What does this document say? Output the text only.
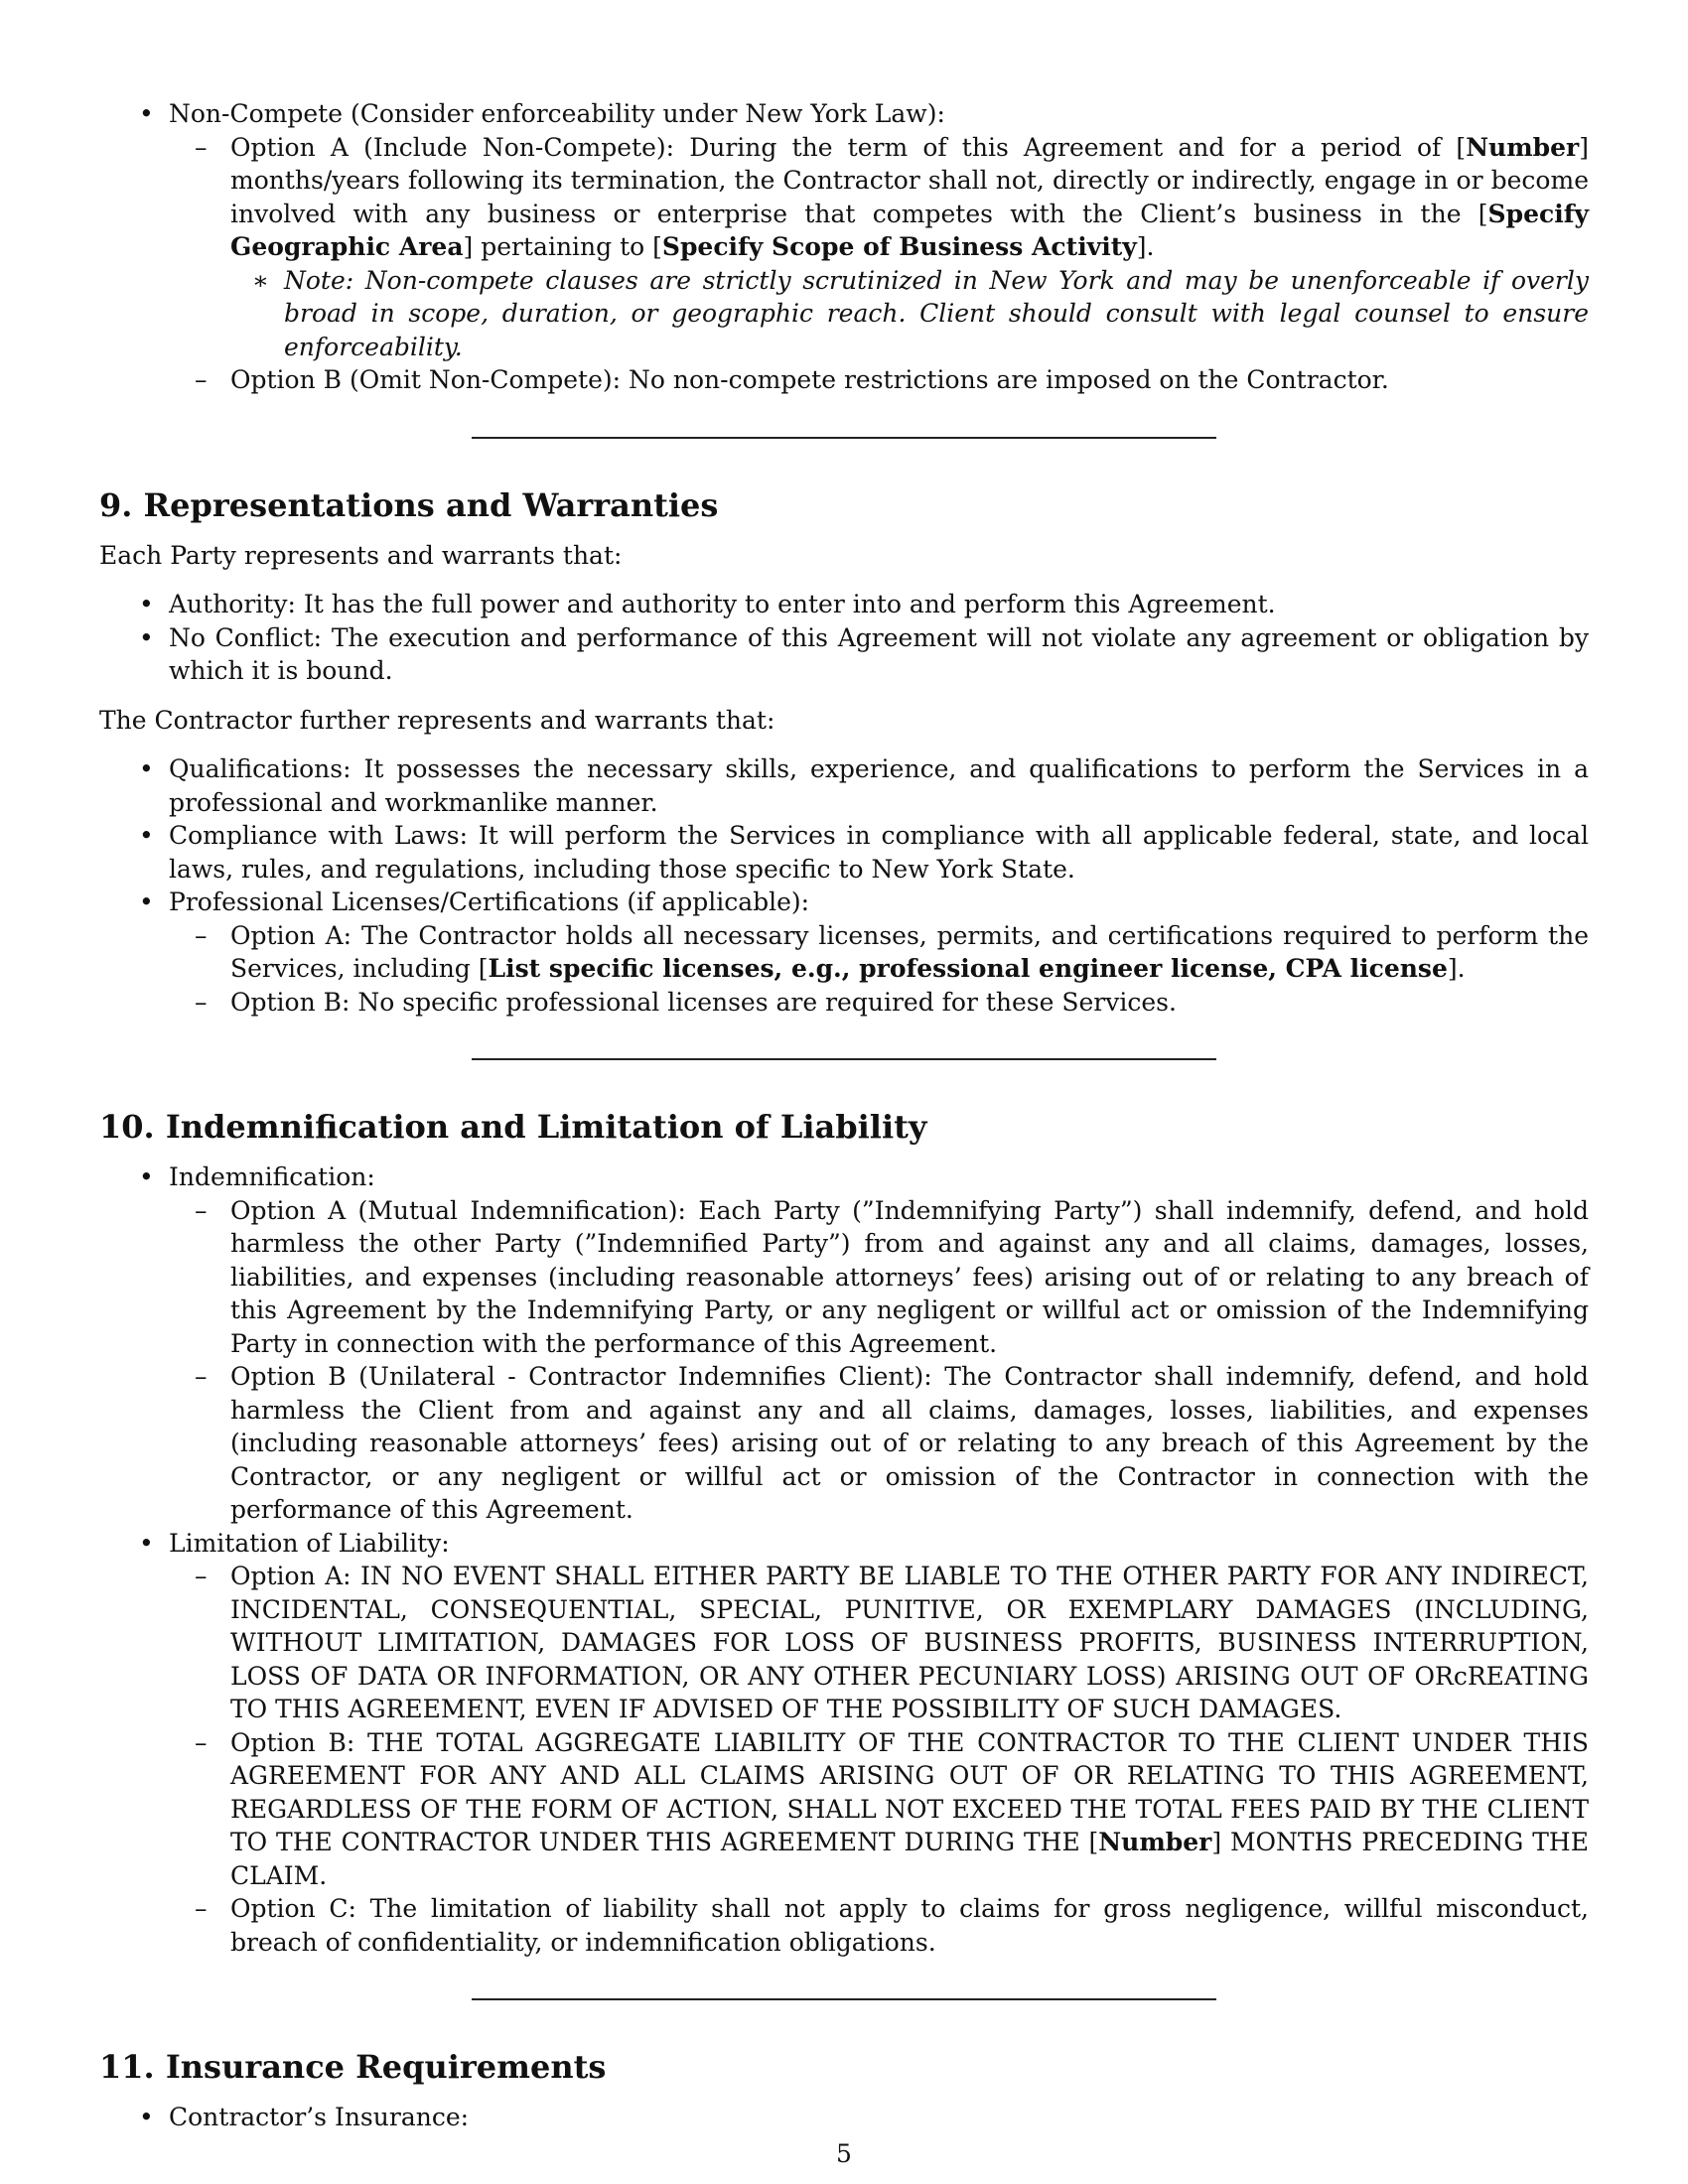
• Non-Compete (Consider enforceability under New York Law):
– Option A (Include Non-Compete): During the term of this Agreement and for a period of [Number] months/years following its termination, the Contractor shall not, directly or indirectly, engage in or become involved with any business or enterprise that competes with the Client’s business in the [Specify Geographic Area] pertaining to [Specify Scope of Business Activity].
∗ Note: Non-compete clauses are strictly scrutinized in New York and may be unenforceable if overly broad in scope, duration, or geographic reach. Client should consult with legal counsel to ensure enforceability.
– Option B (Omit Non-Compete): No non-compete restrictions are imposed on the Contractor.
9. Representations and Warranties

Each Party represents and warrants that:

• Authority: It has the full power and authority to enter into and perform this Agreement.
• No Conflict: The execution and performance of this Agreement will not violate any agreement or obligation by which it is bound.

The Contractor further represents and warrants that:

• Qualifications: It possesses the necessary skills, experience, and qualifications to perform the Services in a professional and workmanlike manner.
• Compliance with Laws: It will perform the Services in compliance with all applicable federal, state, and local laws, rules, and regulations, including those specific to New York State.
• Professional Licenses/Certifications (if applicable):
– Option A: The Contractor holds all necessary licenses, permits, and certifications required to perform the Services, including [List specific licenses, e.g., professional engineer license, CPA license].
– Option B: No specific professional licenses are required for these Services.
10. Indemnification and Limitation of Liability
• Indemnification:
– Option A (Mutual Indemnification): Each Party (”Indemnifying Party”) shall indemnify, defend, and hold harmless the other Party (”Indemnified Party”) from and against any and all claims, damages, losses, liabilities, and expenses (including reasonable attorneys’ fees) arising out of or relating to any breach of this Agreement by the Indemnifying Party, or any negligent or willful act or omission of the Indemnifying Party in connection with the performance of this Agreement.
– Option B (Unilateral - Contractor Indemnifies Client): The Contractor shall indemnify, defend, and hold harmless the Client from and against any and all claims, damages, losses, liabilities, and expenses (including reasonable attorneys’ fees) arising out of or relating to any breach of this Agreement by the Contractor, or any negligent or willful act or omission of the Contractor in connection with the performance of this Agreement.
• Limitation of Liability:
– Option A: IN NO EVENT SHALL EITHER PARTY BE LIABLE TO THE OTHER PARTY FOR ANY INDIRECT, INCIDENTAL, CONSEQUENTIAL, SPECIAL, PUNITIVE, OR EXEMPLARY DAMAGES (INCLUDING, WITHOUT LIMITATION, DAMAGES FOR LOSS OF BUSINESS PROFITS, BUSINESS INTERRUPTION, LOSS OF DATA OR INFORMATION, OR ANY OTHER PECUNIARY LOSS) ARISING OUT OF ORcREATING TO THIS AGREEMENT, EVEN IF ADVISED OF THE POSSIBILITY OF SUCH DAMAGES.
– Option B: THE TOTAL AGGREGATE LIABILITY OF THE CONTRACTOR TO THE CLIENT UNDER THIS AGREEMENT FOR ANY AND ALL CLAIMS ARISING OUT OF OR RELATING TO THIS AGREEMENT, REGARDLESS OF THE FORM OF ACTION, SHALL NOT EXCEED THE TOTAL FEES PAID BY THE CLIENT TO THE CONTRACTOR UNDER THIS AGREEMENT DURING THE [Number] MONTHS PRECEDING THE CLAIM.
– Option C: The limitation of liability shall not apply to claims for gross negligence, willful misconduct, breach of confidentiality, or indemnification obligations.
11. Insurance Requirements
• Contractor’s Insurance:
5
